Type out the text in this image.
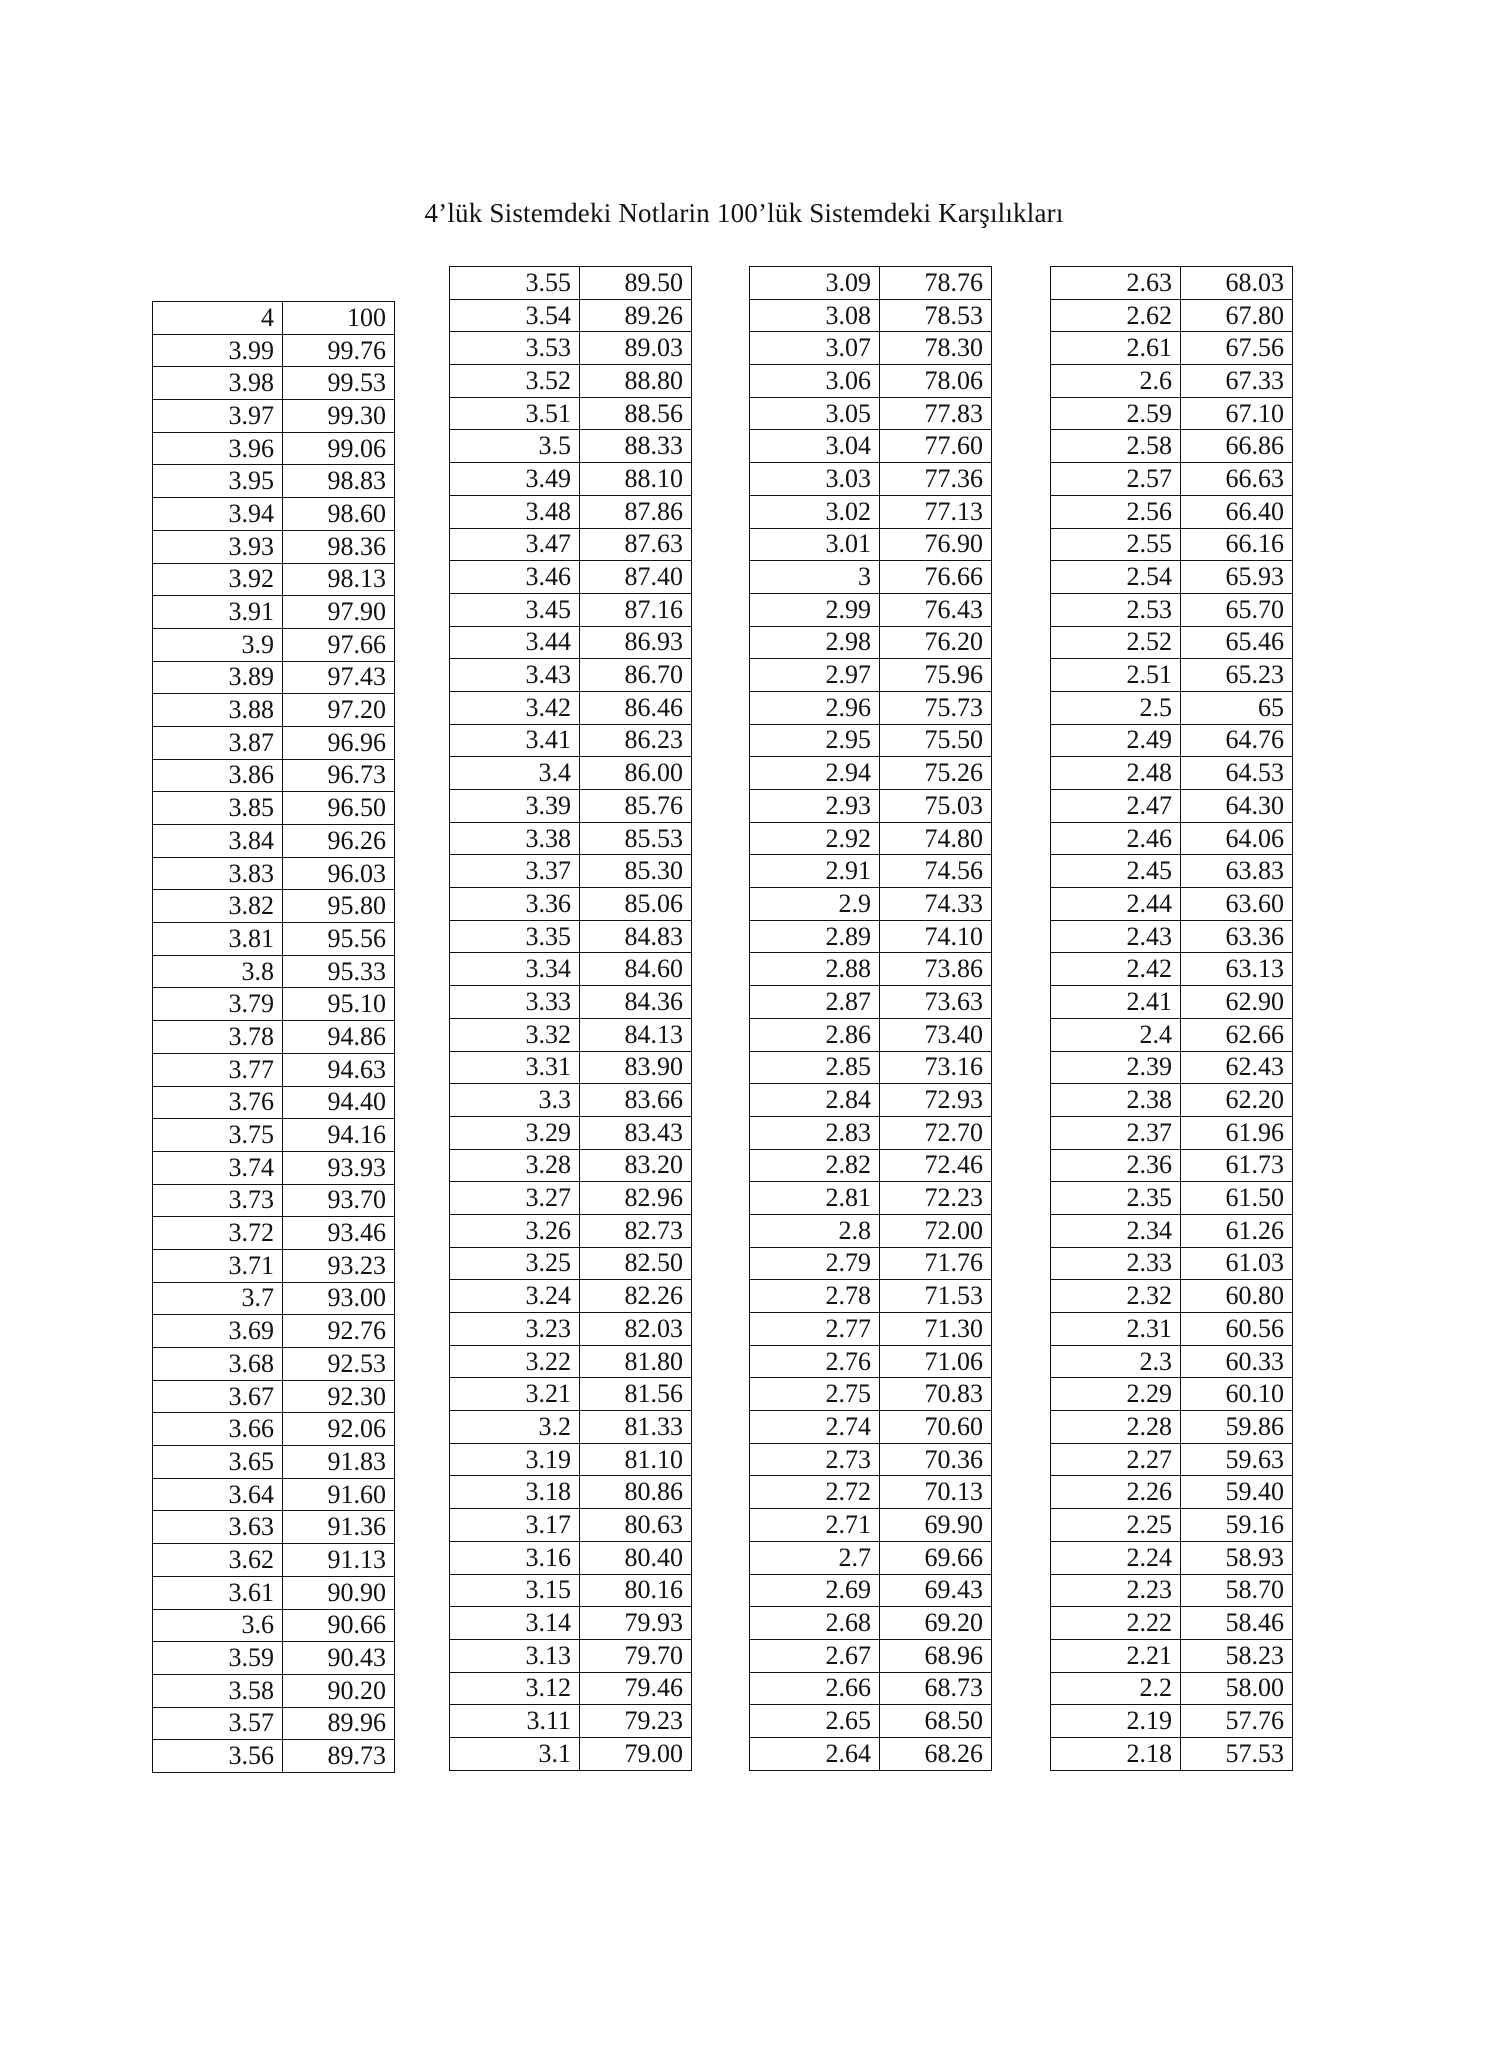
4’lük Sistemdeki Notlarin 100’lük Sistemdeki Karşılıkları
4	100
3.99	99.76
3.98	99.53
3.97	99.30
3.96	99.06
3.95	98.83
3.94	98.60
3.93	98.36
3.92	98.13
3.91	97.90
3.9	97.66
3.89	97.43
3.88	97.20
3.87	96.96
3.86	96.73
3.85	96.50
3.84	96.26
3.83	96.03
3.82	95.80
3.81	95.56
3.8	95.33
3.79	95.10
3.78	94.86
3.77	94.63
3.76	94.40
3.75	94.16
3.74	93.93
3.73	93.70
3.72	93.46
3.71	93.23
3.7	93.00
3.69	92.76
3.68	92.53
3.67	92.30
3.66	92.06
3.65	91.83
3.64	91.60
3.63	91.36
3.62	91.13
3.61	90.90
3.6	90.66
3.59	90.43
3.58	90.20
3.57	89.96
3.56	89.73
3.55	89.50
3.54	89.26
3.53	89.03
3.52	88.80
3.51	88.56
3.5	88.33
3.49	88.10
3.48	87.86
3.47	87.63
3.46	87.40
3.45	87.16
3.44	86.93
3.43	86.70
3.42	86.46
3.41	86.23
3.4	86.00
3.39	85.76
3.38	85.53
3.37	85.30
3.36	85.06
3.35	84.83
3.34	84.60
3.33	84.36
3.32	84.13
3.31	83.90
3.3	83.66
3.29	83.43
3.28	83.20
3.27	82.96
3.26	82.73
3.25	82.50
3.24	82.26
3.23	82.03
3.22	81.80
3.21	81.56
3.2	81.33
3.19	81.10
3.18	80.86
3.17	80.63
3.16	80.40
3.15	80.16
3.14	79.93
3.13	79.70
3.12	79.46
3.11	79.23
3.1	79.00
3.09	78.76
3.08	78.53
3.07	78.30
3.06	78.06
3.05	77.83
3.04	77.60
3.03	77.36
3.02	77.13
3.01	76.90
3	76.66
2.99	76.43
2.98	76.20
2.97	75.96
2.96	75.73
2.95	75.50
2.94	75.26
2.93	75.03
2.92	74.80
2.91	74.56
2.9	74.33
2.89	74.10
2.88	73.86
2.87	73.63
2.86	73.40
2.85	73.16
2.84	72.93
2.83	72.70
2.82	72.46
2.81	72.23
2.8	72.00
2.79	71.76
2.78	71.53
2.77	71.30
2.76	71.06
2.75	70.83
2.74	70.60
2.73	70.36
2.72	70.13
2.71	69.90
2.7	69.66
2.69	69.43
2.68	69.20
2.67	68.96
2.66	68.73
2.65	68.50
2.64	68.26
2.63	68.03
2.62	67.80
2.61	67.56
2.6	67.33
2.59	67.10
2.58	66.86
2.57	66.63
2.56	66.40
2.55	66.16
2.54	65.93
2.53	65.70
2.52	65.46
2.51	65.23
2.5	65
2.49	64.76
2.48	64.53
2.47	64.30
2.46	64.06
2.45	63.83
2.44	63.60
2.43	63.36
2.42	63.13
2.41	62.90
2.4	62.66
2.39	62.43
2.38	62.20
2.37	61.96
2.36	61.73
2.35	61.50
2.34	61.26
2.33	61.03
2.32	60.80
2.31	60.56
2.3	60.33
2.29	60.10
2.28	59.86
2.27	59.63
2.26	59.40
2.25	59.16
2.24	58.93
2.23	58.70
2.22	58.46
2.21	58.23
2.2	58.00
2.19	57.76
2.18	57.53
